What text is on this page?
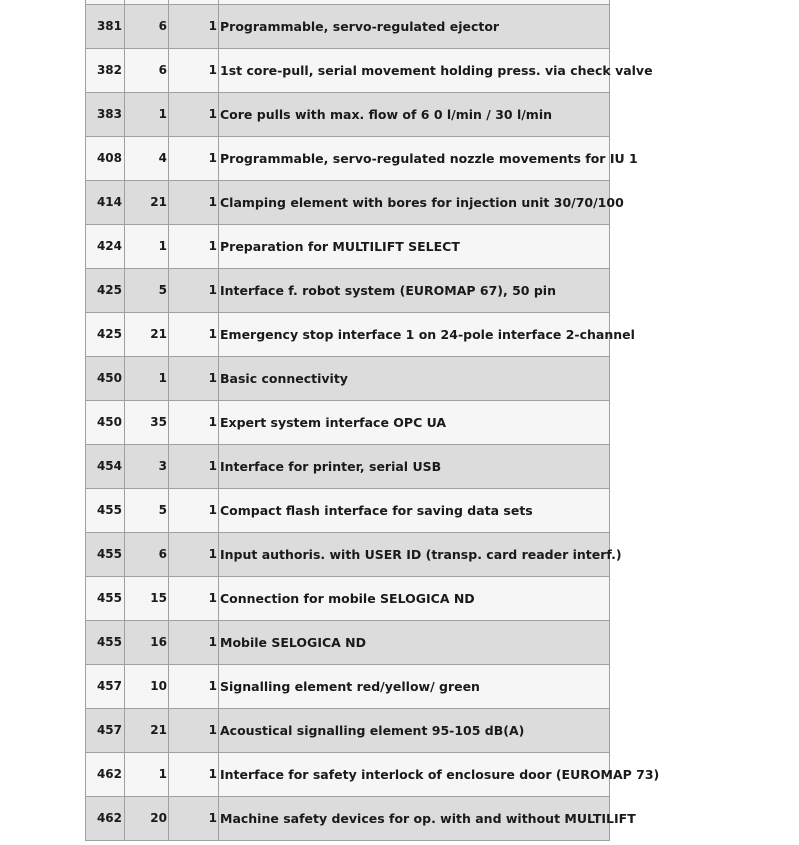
381	6	1	Programmable, servo-regulated ejector
382	6	1	1st core-pull, serial movement holding press. via check valve
383	1	1	Core pulls with max. flow of 6 0 l/min / 30 l/min
408	4	1	Programmable, servo-regulated nozzle movements for IU 1
414	21	1	Clamping element with bores for injection unit 30/70/100
424	1	1	Preparation for MULTILIFT SELECT
425	5	1	Interface f. robot system (EUROMAP 67), 50 pin
425	21	1	Emergency stop interface 1 on 24-pole interface 2-channel
450	1	1	Basic connectivity
450	35	1	Expert system interface OPC UA
454	3	1	Interface for printer, serial USB
455	5	1	Compact flash interface for saving data sets
455	6	1	Input authoris. with USER ID (transp. card reader interf.)
455	15	1	Connection for mobile SELOGICA ND
455	16	1	Mobile SELOGICA ND
457	10	1	Signalling element red/yellow/ green
457	21	1	Acoustical signalling element 95-105 dB(A)
462	1	1	Interface for safety interlock of enclosure door (EUROMAP 73)
462	20	1	Machine safety devices for op. with and without MULTILIFT
